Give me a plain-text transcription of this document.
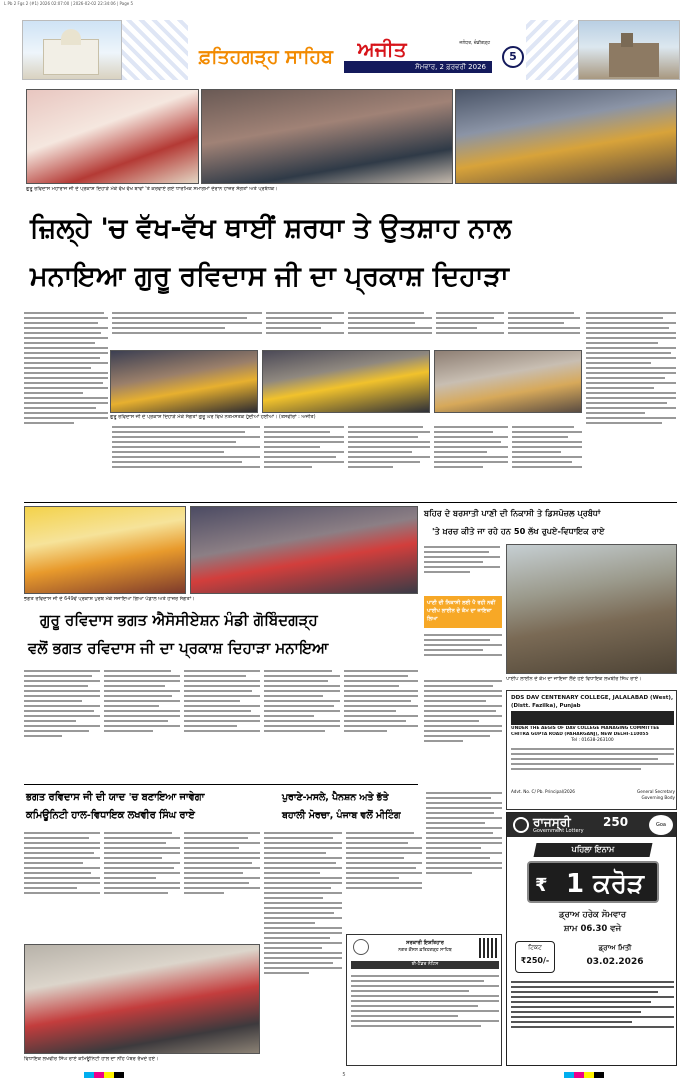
L Pb 2 Fgs 2 (#1) 2026 02:07:00 | 2026-02-02 22:34:06 | Page 5
ਫ਼ਤਿਹਗੜ੍ਹ ਸਾਹਿਬ	ਅਜੀਤ	ਜਲੰਧਰ, ਚੰਡੀਗੜ੍ਹ
ਸੋਮਵਾਰ, 2 ਫ਼ਰਵਰੀ 2026
5
ਗੁਰੂ ਰਵਿਦਾਸ ਮਹਾਰਾਜ ਜੀ ਦੇ ਪ੍ਰਕਾਸ਼ ਦਿਹਾੜੇ ਮੌਕੇ ਵੱਖ ਵੱਖ ਥਾਵਾਂ 'ਤੇ ਕਰਵਾਏ ਗਏ ਧਾਰਮਿਕ ਸਮਾਗਮਾਂ ਦੌਰਾਨ ਹਾਜ਼ਰ ਸੰਗਤਾਂ ਅਤੇ ਪ੍ਰਬੰਧਕ।
ਜ਼ਿਲ੍ਹੇ 'ਚ ਵੱਖ-ਵੱਖ ਥਾਈਂ ਸ਼ਰਧਾ ਤੇ ਉਤਸ਼ਾਹ ਨਾਲ
ਮਨਾਇਆ ਗੁਰੂ ਰਵਿਦਾਸ ਜੀ ਦਾ ਪ੍ਰਕਾਸ਼ ਦਿਹਾੜਾ
ਗੁਰੂ ਰਵਿਦਾਸ ਜੀ ਦੇ ਪ੍ਰਕਾਸ਼ ਦਿਹਾੜੇ ਮੌਕੇ ਸੰਗਤਾਂ ਗੁਰੂ ਘਰ ਵਿਖੇ ਨਤਮਸਤਕ ਹੁੰਦੀਆਂ ਹੋਈਆਂ। (ਤਸਵੀਰਾਂ : ਅਜੀਤ)
ਭਗਤ ਰਵਿਦਾਸ ਜੀ ਦੇ 649ਵੇਂ ਪ੍ਰਕਾਸ਼ ਪੁਰਬ ਮੌਕੇ ਸਜਾਇਆ ਗਿਆ ਪੰਡਾਲ ਅਤੇ ਹਾਜ਼ਰ ਸੰਗਤਾਂ।
ਗੁਰੂ ਰਵਿਦਾਸ ਭਗਤ ਐਸੋਸੀਏਸ਼ਨ ਮੰਡੀ ਗੋਬਿੰਦਗੜ੍ਹ
ਵਲੋਂ ਭਗਤ ਰਵਿਦਾਸ ਜੀ ਦਾ ਪ੍ਰਕਾਸ਼ ਦਿਹਾੜਾ ਮਨਾਇਆ
ਬਹਿਰ ਦੇ ਬਰਸਾਤੀ ਪਾਣੀ ਦੀ ਨਿਕਾਸੀ ਤੇ ਡਿਸਪੋਜ਼ਲ ਪ੍ਰਬੰਧਾਂ
'ਤੇ ਖ਼ਰਚ ਕੀਤੇ ਜਾ ਰਹੇ ਹਨ 50 ਲੱਖ ਰੁਪਏ-ਵਿਧਾਇਕ ਰਾਏ
ਪਾਣੀ ਦੀ ਨਿਕਾਸੀ ਲਈ ਪੈ ਰਹੀ ਨਵੀਂ ਪਾਈਪ ਲਾਈਨ ਦੇ ਕੰਮ ਦਾ ਜਾਇਜ਼ਾ ਲਿਆ
ਪਾਈਪ ਲਾਈਨ ਦੇ ਕੰਮ ਦਾ ਜਾਇਜ਼ਾ ਲੈਂਦੇ ਹੋਏ ਵਿਧਾਇਕ ਲਖਬੀਰ ਸਿੰਘ ਰਾਏ।
DDS DAV CENTENARY COLLEGE, JALALABAD (West),
(Distt. Fazilka), Punjab
UNDER THE AEGIS OF DAV COLLEGE MANAGING COMMITTEE
CHITRA GUPTA ROAD (PAHARGANJ), NEW DELHI-110055
Tel : 01638-263100
Advt. No. C/ Pb. Principal/2026	General Secretary Governing Body
ਭਗਤ ਰਵਿਦਾਸ ਜੀ ਦੀ ਯਾਦ 'ਚ ਬਣਾਇਆ ਜਾਵੇਗਾ
ਕਮਿਊਨਿਟੀ ਹਾਲ-ਵਿਧਾਇਕ ਲਖਵੀਰ ਸਿੰਘ ਰਾਏ
ਵਿਧਾਇਕ ਲਖਵੀਰ ਸਿੰਘ ਰਾਏ ਕਮਿਊਨਿਟੀ ਹਾਲ ਦਾ ਨੀਂਹ ਪੱਥਰ ਰੱਖਦੇ ਹੋਏ।
ਪੁਰਾਣੇ-ਮਸਲੇ, ਪੈਨਸ਼ਨ ਅਤੇ ਭੱਤੇ
ਬਹਾਲੀ ਮੋਰਚਾ, ਪੰਜਾਬ ਵਲੋਂ ਮੀਟਿੰਗ
ਸਰਕਾਰੀ ਇਸ਼ਤਿਹਾਰ
ਨਗਰ ਕੌਂਸਲ ਫ਼ਤਿਹਗੜ੍ਹ ਸਾਹਿਬ
ਈ-ਟੈਂਡਰ ਨੋਟਿਸ
ਰਾਜਸ੍ਰੀ	250
Government Lottery
Goa
ਪਹਿਲਾ ਇਨਾਮ
₹ 1 ਕਰੋੜ
ਡ੍ਰਾਅ ਹਰੇਕ ਸੋਮਵਾਰ
ਸ਼ਾਮ 06.30 ਵਜੇ
ਟਿਕਟ
₹250/-
ਡ੍ਰਾਅ ਮਿਤੀ
03.02.2026
5
